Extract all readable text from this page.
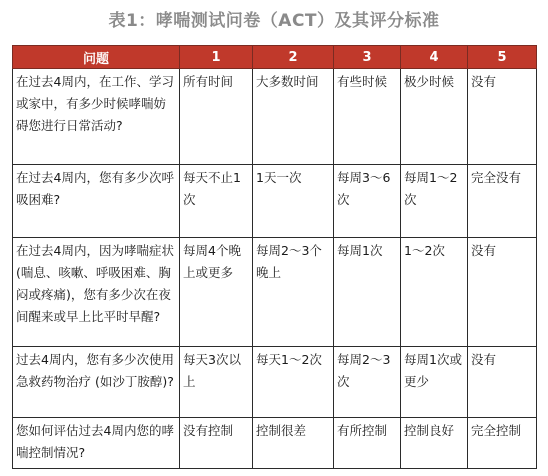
表1：哮喘测试问卷（ACT）及其评分标准
问题	1	2	3	4	5
在过去4周内，在工作、学习或家中，有多少时候哮喘妨碍您进行日常活动?	所有时间	大多数时间	有些时候	极少时候	没有
在过去4周内，您有多少次呼吸困难?	每天不止1次	1天一次	每周3～6次	每周1～2次	完全没有
在过去4周内，因为哮喘症状(喘息、咳嗽、呼吸困难、胸闷或疼痛)，您有多少次在夜间醒来或早上比平时早醒?	每周4个晚上或更多	每周2～3个晚上	每周1次	1～2次	没有
过去4周内，您有多少次使用急救药物治疗 (如沙丁胺醇)?	每天3次以上	每天1～2次	每周2～3次	每周1次或更少	没有
您如何评估过去4周内您的哮喘控制情况?	没有控制	控制很差	有所控制	控制良好	完全控制
